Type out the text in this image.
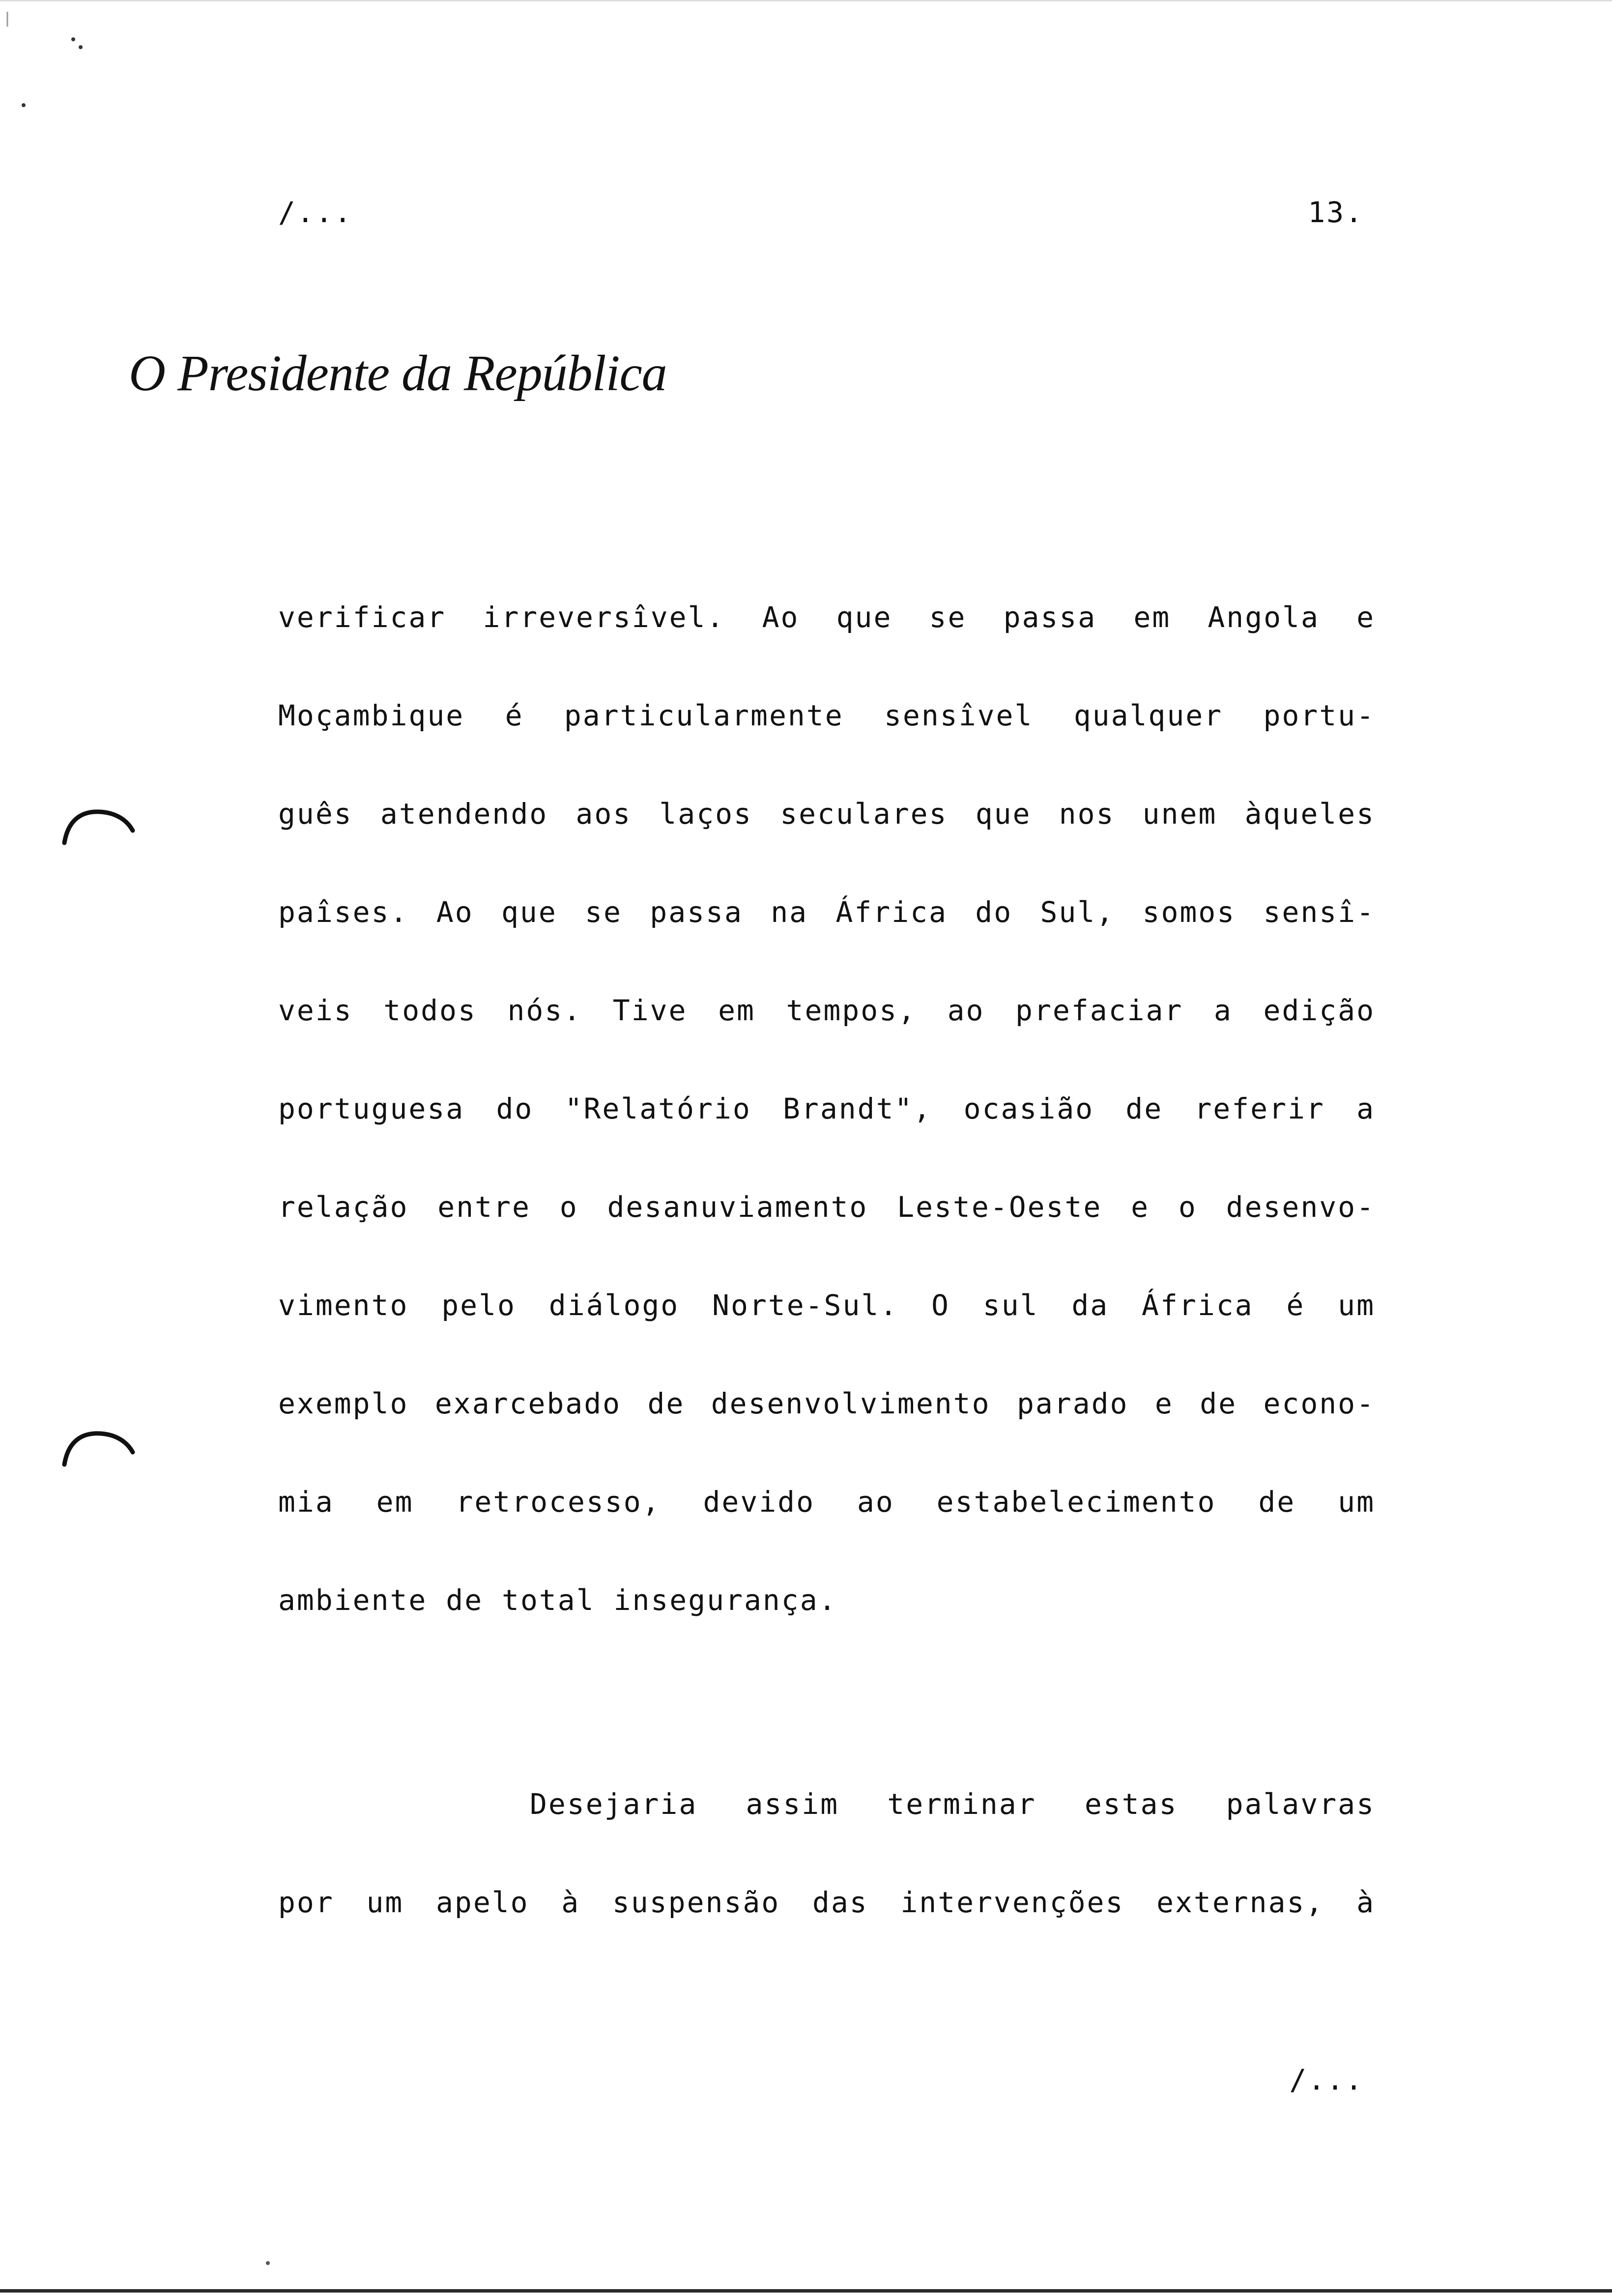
/...	13.
O Presidente da República
verificar irreversîvel. Ao que se passa em Angola e
Moçambique é particularmente sensîvel qualquer portu-
guês atendendo aos laços seculares que nos unem àqueles
paîses. Ao que se passa na África do Sul, somos sensî-
veis todos nós. Tive em tempos, ao prefaciar a edição
portuguesa do "Relatório Brandt", ocasião de referir a
relação entre o desanuviamento Leste-Oeste e o desenvo-
vimento pelo diálogo Norte-Sul. O sul da África é um
exemplo exarcebado de desenvolvimento parado e de econo-
mia em retrocesso, devido ao estabelecimento de um
ambiente de total insegurança.
Desejaria assim terminar estas palavras
por um apelo à suspensão das intervenções externas, à
/...
